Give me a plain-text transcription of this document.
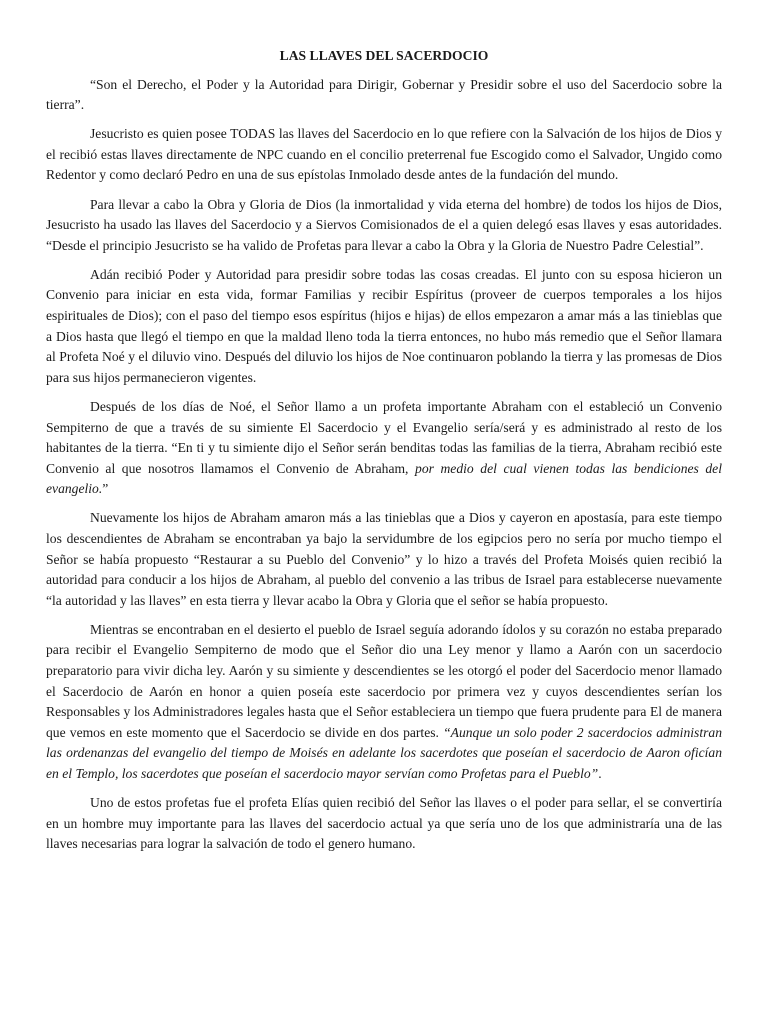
LAS LLAVES DEL SACERDOCIO

“Son el Derecho, el Poder y la Autoridad para Dirigir, Gobernar y Presidir sobre el uso del Sacerdocio sobre la tierra”.

Jesucristo es quien posee TODAS las llaves del Sacerdocio en lo que refiere con la Salvación de los hijos de Dios y el recibió estas llaves directamente de NPC cuando en el concilio preterrenal fue Escogido como el Salvador, Ungido como Redentor y como declaró Pedro en una de sus epístolas Inmolado desde antes de la fundación del mundo.

Para llevar a cabo la Obra y Gloria de Dios (la inmortalidad y vida eterna del hombre) de todos los hijos de Dios, Jesucristo ha usado las llaves del Sacerdocio y a Siervos Comisionados de el a quien delegó esas llaves y esas autoridades. “Desde el principio Jesucristo se ha valido de Profetas para llevar a cabo la Obra y la Gloria de Nuestro Padre Celestial”.

Adán recibió Poder y Autoridad para presidir sobre todas las cosas creadas. El junto con su esposa hicieron un Convenio para iniciar en esta vida, formar Familias y recibir Espíritus (proveer de cuerpos temporales a los hijos espirituales de Dios); con el paso del tiempo esos espíritus (hijos e hijas) de ellos empezaron a amar más a las tinieblas que a Dios hasta que llegó el tiempo en que la maldad lleno toda la tierra entonces, no hubo más remedio que el Señor llamara al Profeta Noé y el diluvio vino. Después del diluvio los hijos de Noe continuaron poblando la tierra y las promesas de Dios para sus hijos permanecieron vigentes.

Después de los días de Noé, el Señor llamo a un profeta importante Abraham con el estableció un Convenio Sempiterno de que a través de su simiente El Sacerdocio y el Evangelio sería/será y es administrado al resto de los habitantes de la tierra. “En ti y tu simiente dijo el Señor serán benditas todas las familias de la tierra, Abraham recibió este Convenio al que nosotros llamamos el Convenio de Abraham, por medio del cual vienen todas las bendiciones del evangelio.”

Nuevamente los hijos de Abraham amaron más a las tinieblas que a Dios y cayeron en apostasía, para este tiempo los descendientes de Abraham se encontraban ya bajo la servidumbre de los egipcios pero no sería por mucho tiempo el Señor se había propuesto “Restaurar a su Pueblo del Convenio” y lo hizo a través del Profeta Moisés quien recibió la autoridad para conducir a los hijos de Abraham, al pueblo del convenio a las tribus de Israel para establecerse nuevamente “la autoridad y las llaves” en esta tierra y llevar acabo la Obra y Gloria que el señor se había propuesto.

Mientras se encontraban en el desierto el pueblo de Israel seguía adorando ídolos y su corazón no estaba preparado para recibir el Evangelio Sempiterno de modo que el Señor dio una Ley menor y llamo a Aarón con un sacerdocio preparatorio para vivir dicha ley. Aarón y su simiente y descendientes se les otorgó el poder del Sacerdocio menor llamado el Sacerdocio de Aarón en honor a quien poseía este sacerdocio por primera vez y cuyos descendientes serían los Responsables y los Administradores legales hasta que el Señor estableciera un tiempo que fuera prudente para El de manera que vemos en este momento que el Sacerdocio se divide en dos partes. “Aunque un solo poder 2 sacerdocios administran las ordenanzas del evangelio del tiempo de Moisés en adelante los sacerdotes que poseían el sacerdocio de Aaron oficían en el Templo, los sacerdotes que poseían el sacerdocio mayor servían como Profetas para el Pueblo”.

Uno de estos profetas fue el profeta Elías quien recibió del Señor las llaves o el poder para sellar, el se convertiría en un hombre muy importante para las llaves del sacerdocio actual ya que sería uno de los que administraría una de las llaves necesarias para lograr la salvación de todo el genero humano.
